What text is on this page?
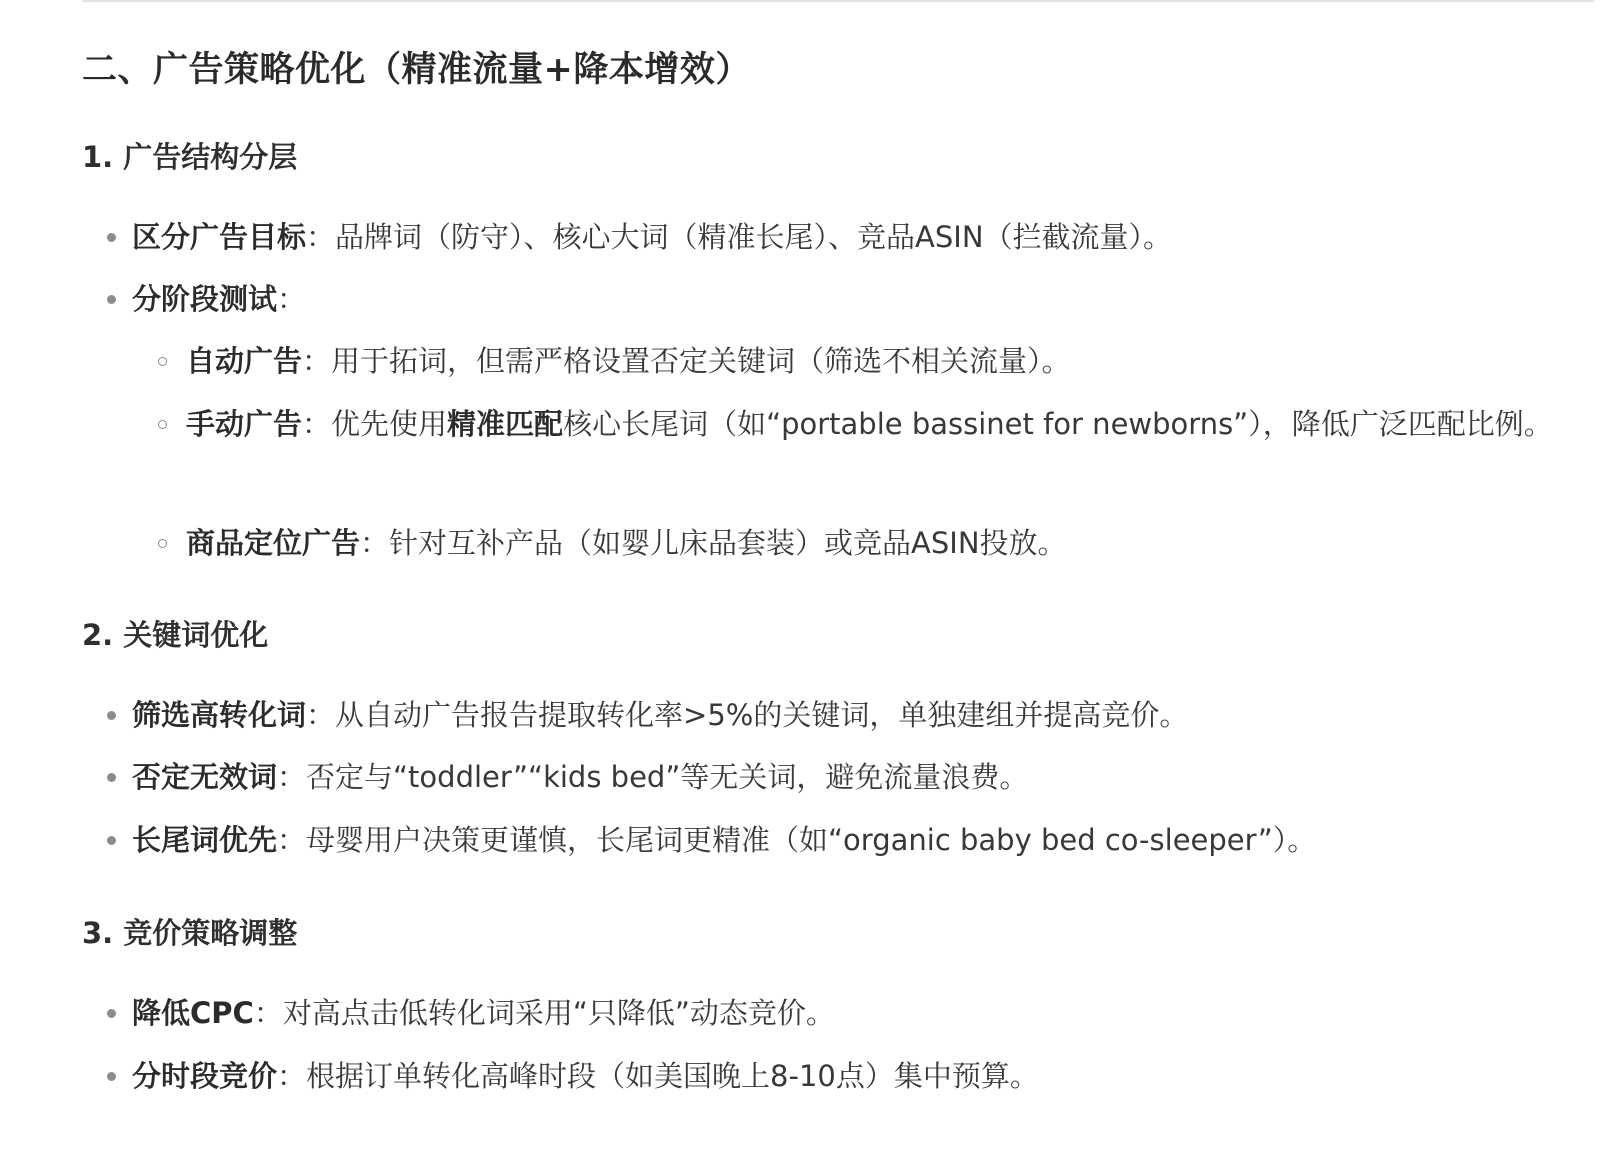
二、广告策略优化（精准流量+降本增效）
1. 广告结构分层
区分广告目标：品牌词（防守）、核心大词（精准长尾）、竞品ASIN（拦截流量）。
分阶段测试：
自动广告：用于拓词，但需严格设置否定关键词（筛选不相关流量）。
手动广告：优先使用精准匹配核心长尾词（如“portable bassinet for newborns”），降低广泛匹配比例。
商品定位广告：针对互补产品（如婴儿床品套装）或竞品ASIN投放。
2. 关键词优化
筛选高转化词：从自动广告报告提取转化率>5%的关键词，单独建组并提高竞价。
否定无效词：否定与“toddler”“kids bed”等无关词，避免流量浪费。
长尾词优先：母婴用户决策更谨慎，长尾词更精准（如“organic baby bed co-sleeper”）。
3. 竞价策略调整
降低CPC：对高点击低转化词采用“只降低”动态竞价。
分时段竞价：根据订单转化高峰时段（如美国晚上8-10点）集中预算。
